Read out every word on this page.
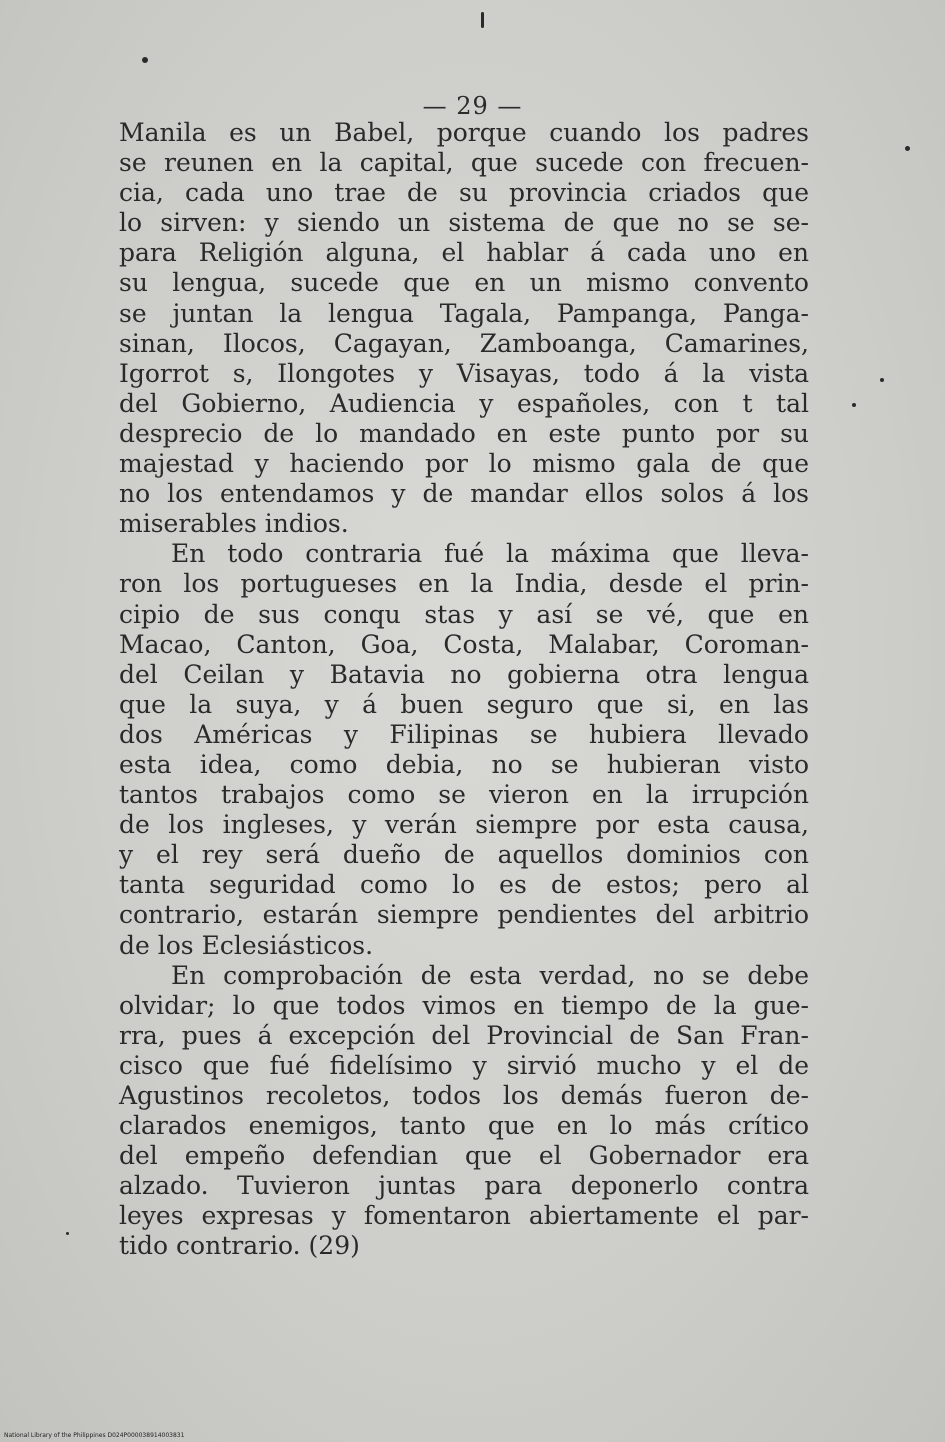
— 29 —
Manila es un Babel, porque cuando los padres
se reunen en la capital, que sucede con frecuen-
cia, cada uno trae de su provincia criados que
lo sirven: y siendo un sistema de que no se se-
para Religión alguna, el hablar á cada uno en
su lengua, sucede que en un mismo convento
se juntan la lengua Tagala, Pampanga, Panga-
sinan, Ilocos, Cagayan, Zamboanga, Camarines,
Igorrot s, Ilongotes y Visayas, todo á la vista
del Gobierno, Audiencia y españoles, con t tal
desprecio de lo mandado en este punto por su
majestad y haciendo por lo mismo gala de que
no los entendamos y de mandar ellos solos á los
miserables indios.
En todo contraria fué la máxima que lleva-
ron los portugueses en la India, desde el prin-
cipio de sus conqu stas y así se vé, que en
Macao, Canton, Goa, Costa, Malabar, Coroman-
del Ceilan y Batavia no gobierna otra lengua
que la suya, y á buen seguro que si, en las
dos Américas y Filipinas se hubiera llevado
esta idea, como debia, no se hubieran visto
tantos trabajos como se vieron en la irrupción
de los ingleses, y verán siempre por esta causa,
y el rey será dueño de aquellos dominios con
tanta seguridad como lo es de estos; pero al
contrario, estarán siempre pendientes del arbitrio
de los Eclesiásticos.
En comprobación de esta verdad, no se debe
olvidar; lo que todos vimos en tiempo de la gue-
rra, pues á excepción del Provincial de San Fran-
cisco que fué fidelísimo y sirvió mucho y el de
Agustinos recoletos, todos los demás fueron de-
clarados enemigos, tanto que en lo más crítico
del empeño defendian que el Gobernador era
alzado. Tuvieron juntas para deponerlo contra
leyes expresas y fomentaron abiertamente el par-
tido contrario. (29)
National Library of the Philippines D024P000038914003831
